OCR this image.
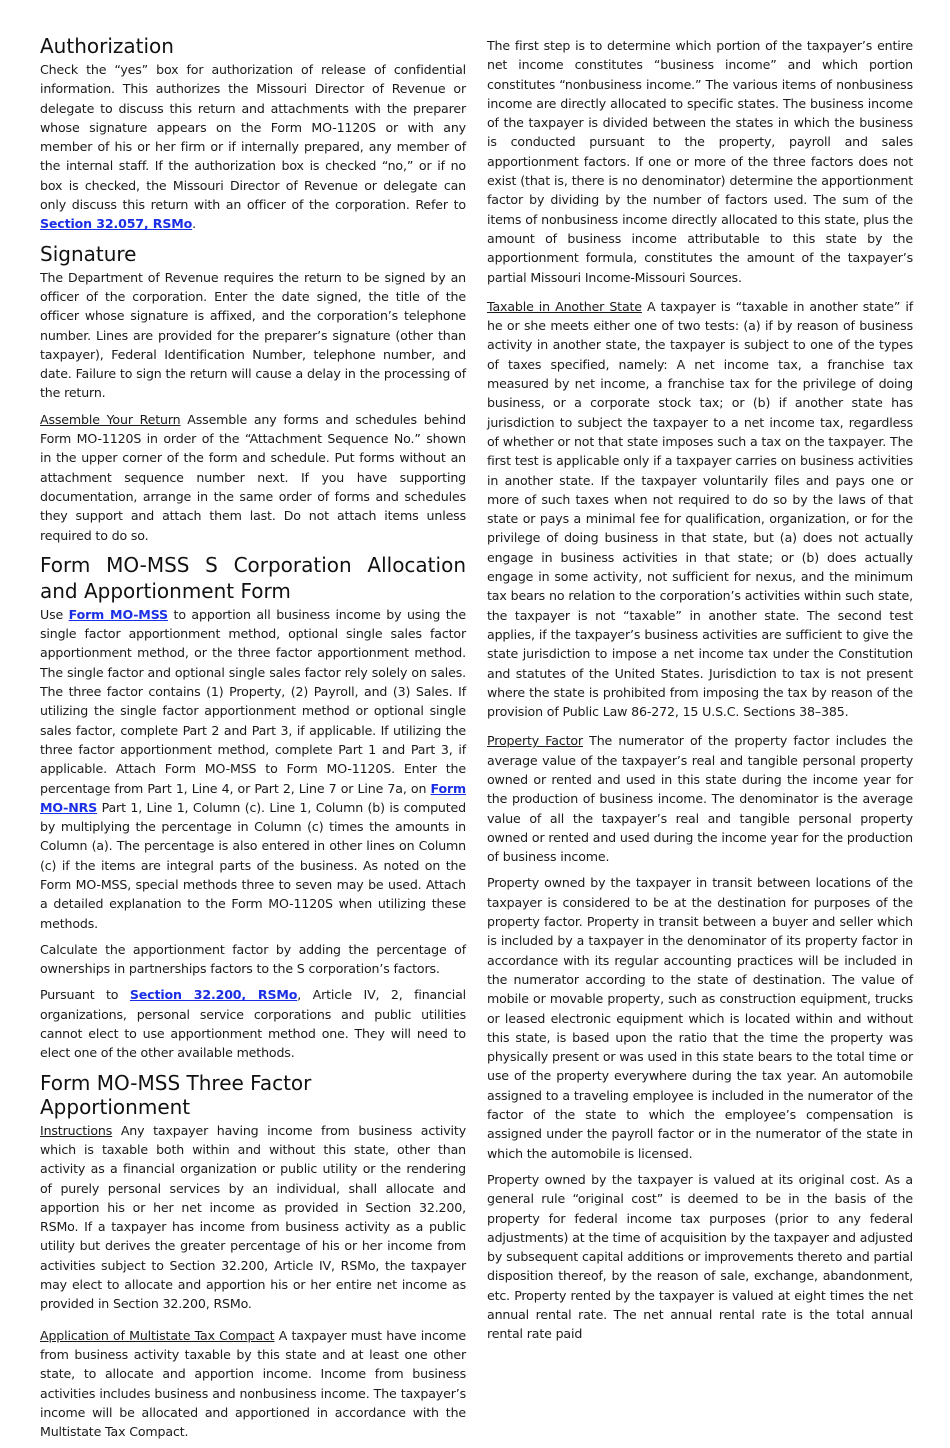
Authorization

Check the “yes” box for authorization of release of confidential information. This authorizes the Missouri Director of Revenue or delegate to discuss this return and attachments with the preparer whose signature appears on the Form MO-1120S or with any member of his or her firm or if internally prepared, any member of the internal staff. If the authorization box is checked “no,” or if no box is checked, the Missouri Director of Revenue or delegate can only discuss this return with an officer of the corporation. Refer to Section 32.057, RSMo.

Signature

The Department of Revenue requires the return to be signed by an officer of the corporation. Enter the date signed, the title of the officer whose signature is affixed, and the corporation’s telephone number. Lines are provided for the preparer’s signature (other than taxpayer), Federal Identification Number, telephone number, and date. Failure to sign the return will cause a delay in the processing of the return.

Assemble Your Return Assemble any forms and schedules behind Form MO-1120S in order of the “Attachment Sequence No.” shown in the upper corner of the form and schedule. Put forms without an attachment sequence number next. If you have supporting documentation, arrange in the same order of forms and schedules they support and attach them last. Do not attach items unless required to do so.

Form MO-MSS S Corporation Allocation
and Apportionment Form

Use Form MO-MSS to apportion all business income by using the single factor apportionment method, optional single sales factor apportionment method, or the three factor apportionment method. The single factor and optional single sales factor rely solely on sales. The three factor contains (1) Property, (2) Payroll, and (3) Sales. If utilizing the single factor apportionment method or optional single sales factor, complete Part 2 and Part 3, if applicable. If utilizing the three factor apportionment method, complete Part 1 and Part 3, if applicable. Attach Form MO-MSS to Form MO-1120S. Enter the percentage from Part 1, Line 4, or Part 2, Line 7 or Line 7a, on Form MO-NRS Part 1, Line 1, Column (c). Line 1, Column (b) is computed by multiplying the percentage in Column (c) times the amounts in Column (a). The percentage is also entered in other lines on Column (c) if the items are integral parts of the business. As noted on the Form MO-MSS, special methods three to seven may be used. Attach a detailed explanation to the Form MO-1120S when utilizing these methods.

Calculate the apportionment factor by adding the percentage of ownerships in partnerships factors to the S corporation’s factors.

Pursuant to Section 32.200, RSMo, Article IV, 2, financial organizations, personal service corporations and public utilities cannot elect to use apportionment method one. They will need to elect one of the other available methods.

Form MO-MSS Three Factor Apportionment

Instructions Any taxpayer having income from business activity which is taxable both within and without this state, other than activity as a financial organization or public utility or the rendering of purely personal services by an individual, shall allocate and apportion his or her net income as provided in Section 32.200, RSMo. If a taxpayer has income from business activity as a public utility but derives the greater percentage of his or her income from activities subject to Section 32.200, Article IV, RSMo, the taxpayer may elect to allocate and apportion his or her entire net income as provided in Section 32.200, RSMo.

Application of Multistate Tax Compact A taxpayer must have income from business activity taxable by this state and at least one other state, to allocate and apportion income. Income from business activities includes business and nonbusiness income. The taxpayer’s income will be allocated and apportioned in accordance with the Multistate Tax Compact.

The first step is to determine which portion of the taxpayer’s entire net income constitutes “business income” and which portion constitutes “nonbusiness income.” The various items of nonbusiness income are directly allocated to specific states. The business income of the taxpayer is divided between the states in which the business is conducted pursuant to the property, payroll and sales apportionment factors. If one or more of the three factors does not exist (that is, there is no denominator) determine the apportionment factor by dividing by the number of factors used. The sum of the items of nonbusiness income directly allocated to this state, plus the amount of business income attributable to this state by the apportionment formula, constitutes the amount of the taxpayer’s partial Missouri Income-Missouri Sources.

Taxable in Another State A taxpayer is “taxable in another state” if he or she meets either one of two tests: (a) if by reason of business activity in another state, the taxpayer is subject to one of the types of taxes specified, namely: A net income tax, a franchise tax measured by net income, a franchise tax for the privilege of doing business, or a corporate stock tax; or (b) if another state has jurisdiction to subject the taxpayer to a net income tax, regardless of whether or not that state imposes such a tax on the taxpayer. The first test is applicable only if a taxpayer carries on business activities in another state. If the taxpayer voluntarily files and pays one or more of such taxes when not required to do so by the laws of that state or pays a minimal fee for qualification, organization, or for the privilege of doing business in that state, but (a) does not actually engage in business activities in that state; or (b) does actually engage in some activity, not sufficient for nexus, and the minimum tax bears no relation to the corporation’s activities within such state, the taxpayer is not “taxable” in another state. The second test applies, if the taxpayer’s business activities are sufficient to give the state jurisdiction to impose a net income tax under the Constitution and statutes of the United States. Jurisdiction to tax is not present where the state is prohibited from imposing the tax by reason of the provision of Public Law 86-272, 15 U.S.C. Sections 38–385.

Property Factor The numerator of the property factor includes the average value of the taxpayer’s real and tangible personal property owned or rented and used in this state during the income year for the production of business income. The denominator is the average value of all the taxpayer’s real and tangible personal property owned or rented and used during the income year for the production of business income.

Property owned by the taxpayer in transit between locations of the taxpayer is considered to be at the destination for purposes of the property factor. Property in transit between a buyer and seller which is included by a taxpayer in the denominator of its property factor in accordance with its regular accounting practices will be included in the numerator according to the state of destination. The value of mobile or movable property, such as construction equipment, trucks or leased electronic equipment which is located within and without this state, is based upon the ratio that the time the property was physically present or was used in this state bears to the total time or use of the property everywhere during the tax year. An automobile assigned to a traveling employee is included in the numerator of the factor of the state to which the employee’s compensation is assigned under the payroll factor or in the numerator of the state in which the automobile is licensed.

Property owned by the taxpayer is valued at its original cost. As a general rule “original cost” is deemed to be in the basis of the property for federal income tax purposes (prior to any federal adjustments) at the time of acquisition by the taxpayer and adjusted by subsequent capital additions or improvements thereto and partial disposition thereof, by the reason of sale, exchange, abandonment, etc. Property rented by the taxpayer is valued at eight times the net annual rental rate. The net annual rental rate is the total annual rental rate paid
